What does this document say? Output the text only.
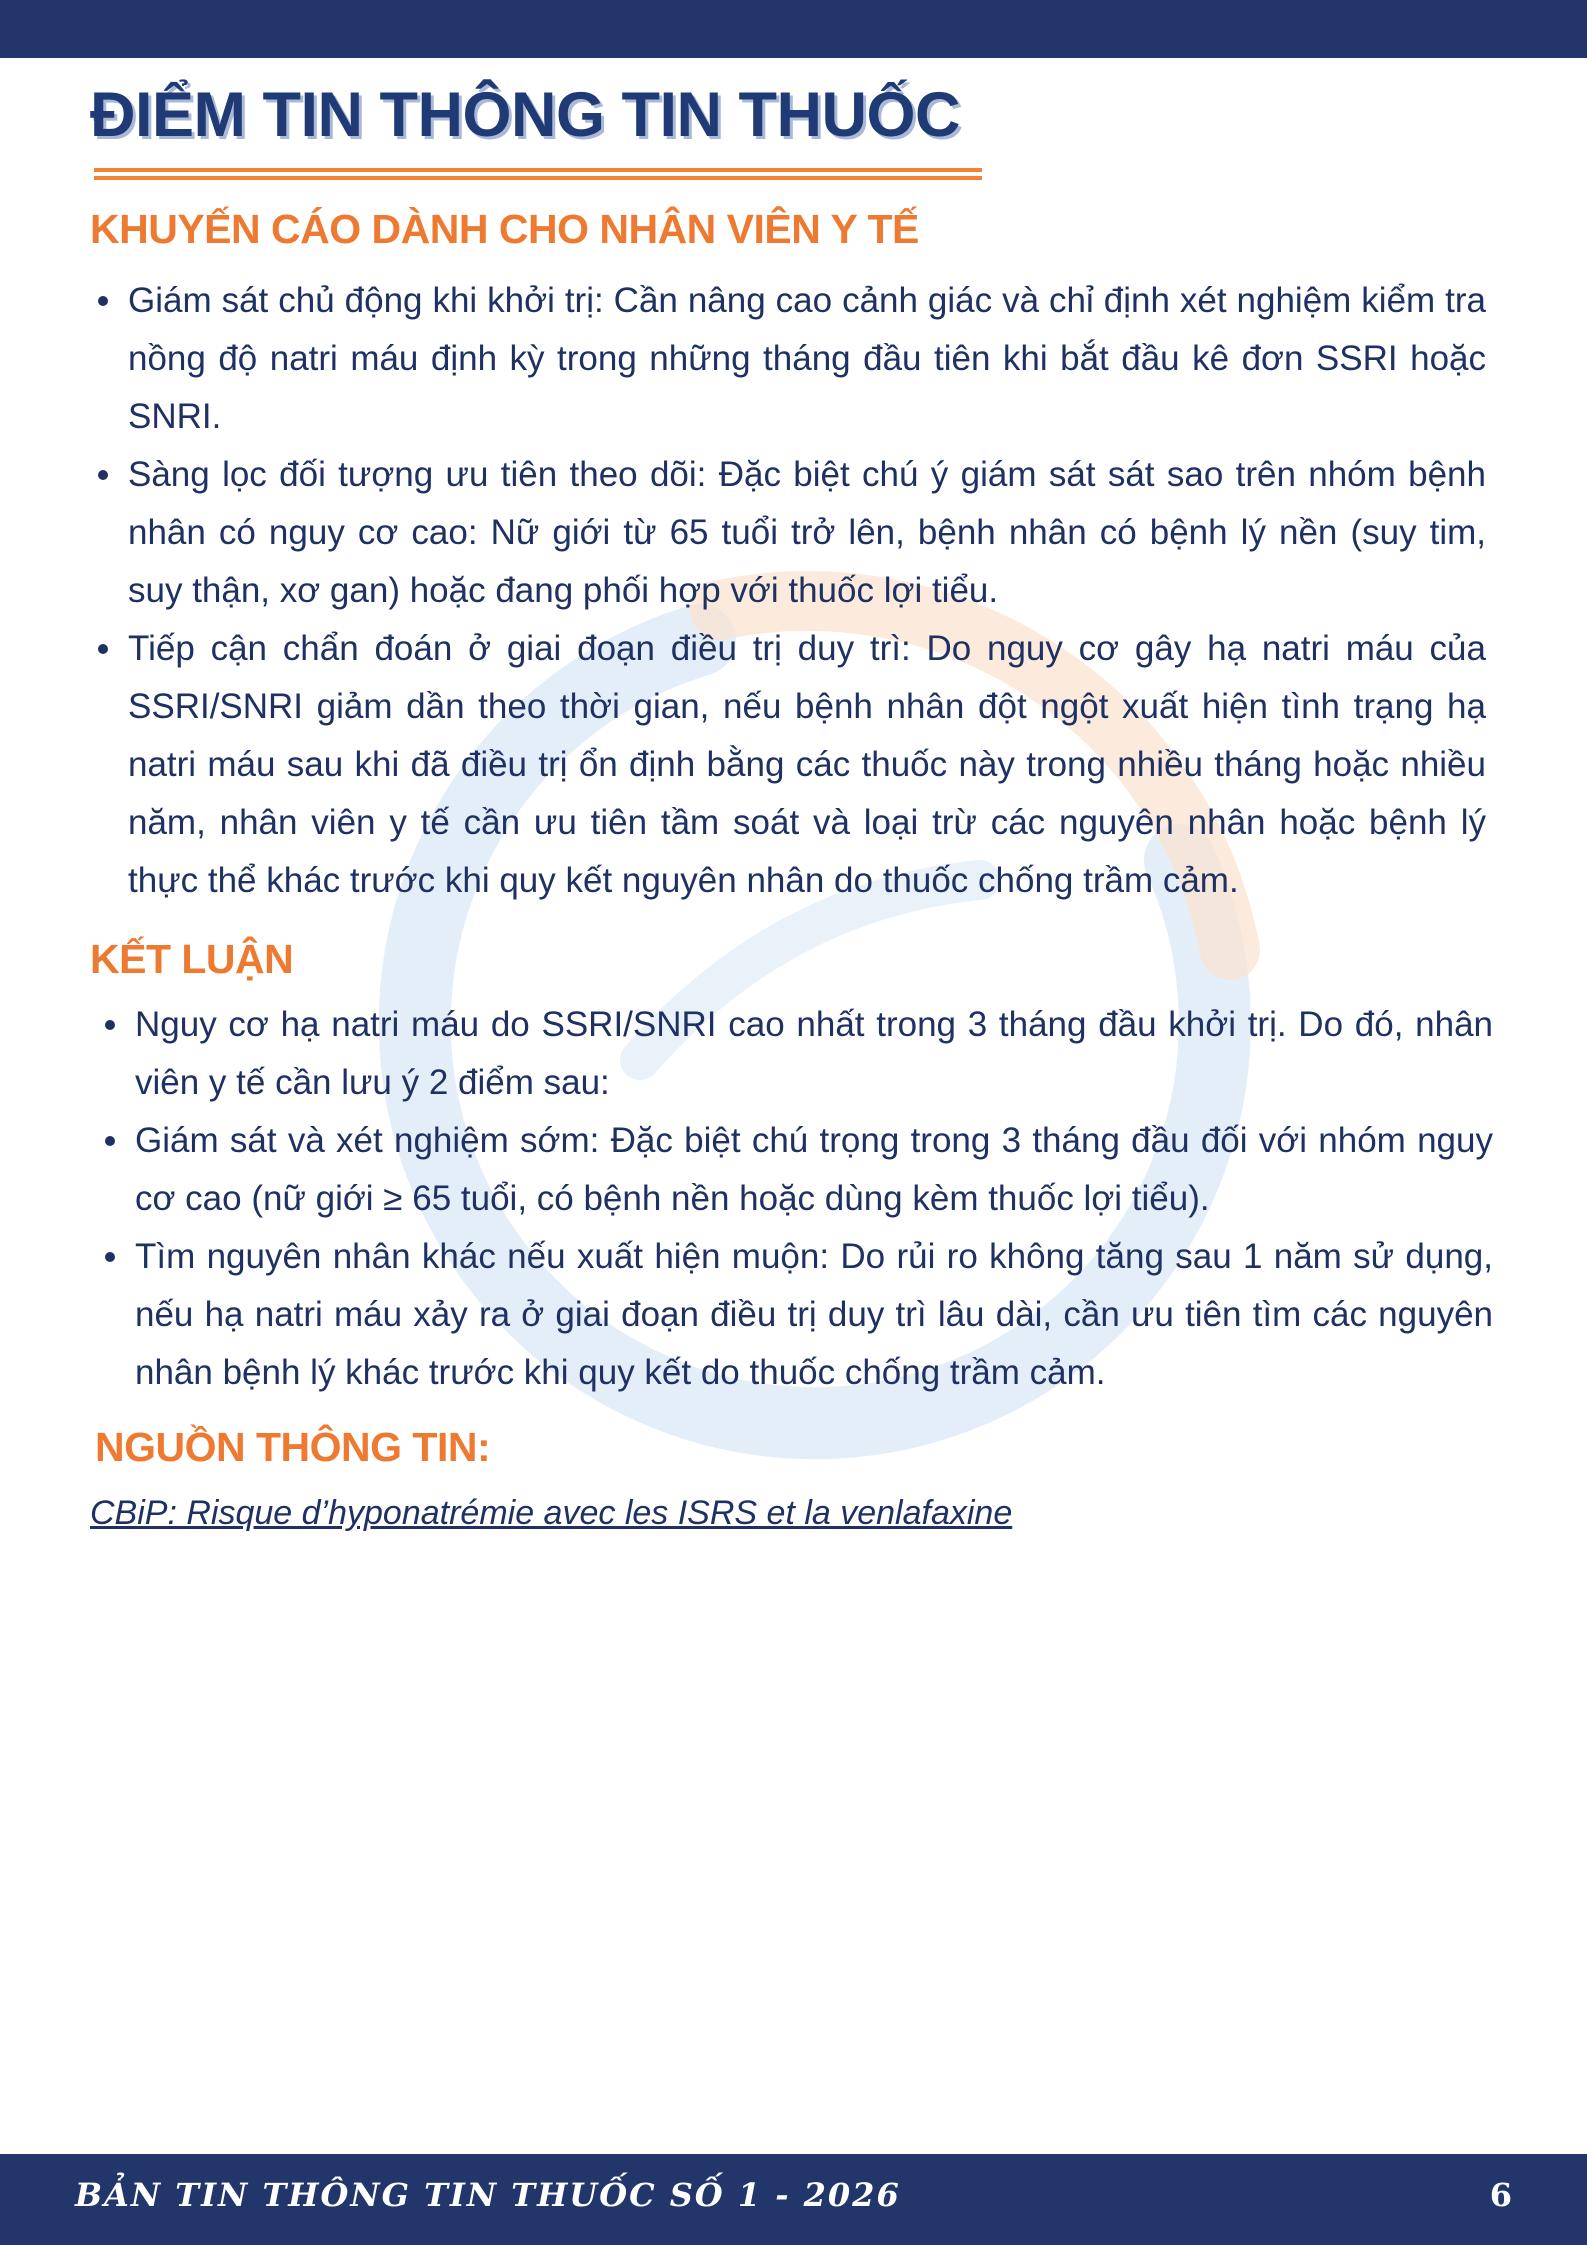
ĐIỂM TIN THÔNG TIN THUỐC
KHUYẾN CÁO DÀNH CHO NHÂN VIÊN Y TẾ
Giám sát chủ động khi khởi trị: Cần nâng cao cảnh giác và chỉ định xét nghiệm kiểm tra nồng độ natri máu định kỳ trong những tháng đầu tiên khi bắt đầu kê đơn SSRI hoặc SNRI.
Sàng lọc đối tượng ưu tiên theo dõi: Đặc biệt chú ý giám sát sát sao trên nhóm bệnh nhân có nguy cơ cao: Nữ giới từ 65 tuổi trở lên, bệnh nhân có bệnh lý nền (suy tim, suy thận, xơ gan) hoặc đang phối hợp với thuốc lợi tiểu.
Tiếp cận chẩn đoán ở giai đoạn điều trị duy trì: Do nguy cơ gây hạ natri máu của SSRI/SNRI giảm dần theo thời gian, nếu bệnh nhân đột ngột xuất hiện tình trạng hạ natri máu sau khi đã điều trị ổn định bằng các thuốc này trong nhiều tháng hoặc nhiều năm, nhân viên y tế cần ưu tiên tầm soát và loại trừ các nguyên nhân hoặc bệnh lý thực thể khác trước khi quy kết nguyên nhân do thuốc chống trầm cảm.
KẾT LUẬN
Nguy cơ hạ natri máu do SSRI/SNRI cao nhất trong 3 tháng đầu khởi trị. Do đó, nhân viên y tế cần lưu ý 2 điểm sau:
Giám sát và xét nghiệm sớm: Đặc biệt chú trọng trong 3 tháng đầu đối với nhóm nguy cơ cao (nữ giới ≥ 65 tuổi, có bệnh nền hoặc dùng kèm thuốc lợi tiểu).
Tìm nguyên nhân khác nếu xuất hiện muộn: Do rủi ro không tăng sau 1 năm sử dụng, nếu hạ natri máu xảy ra ở giai đoạn điều trị duy trì lâu dài, cần ưu tiên tìm các nguyên nhân bệnh lý khác trước khi quy kết do thuốc chống trầm cảm.
NGUỒN THÔNG TIN:
CBiP: Risque d’hyponatrémie avec les ISRS et la venlafaxine
BẢN TIN THÔNG TIN THUỐC SỐ 1 - 2026	6
